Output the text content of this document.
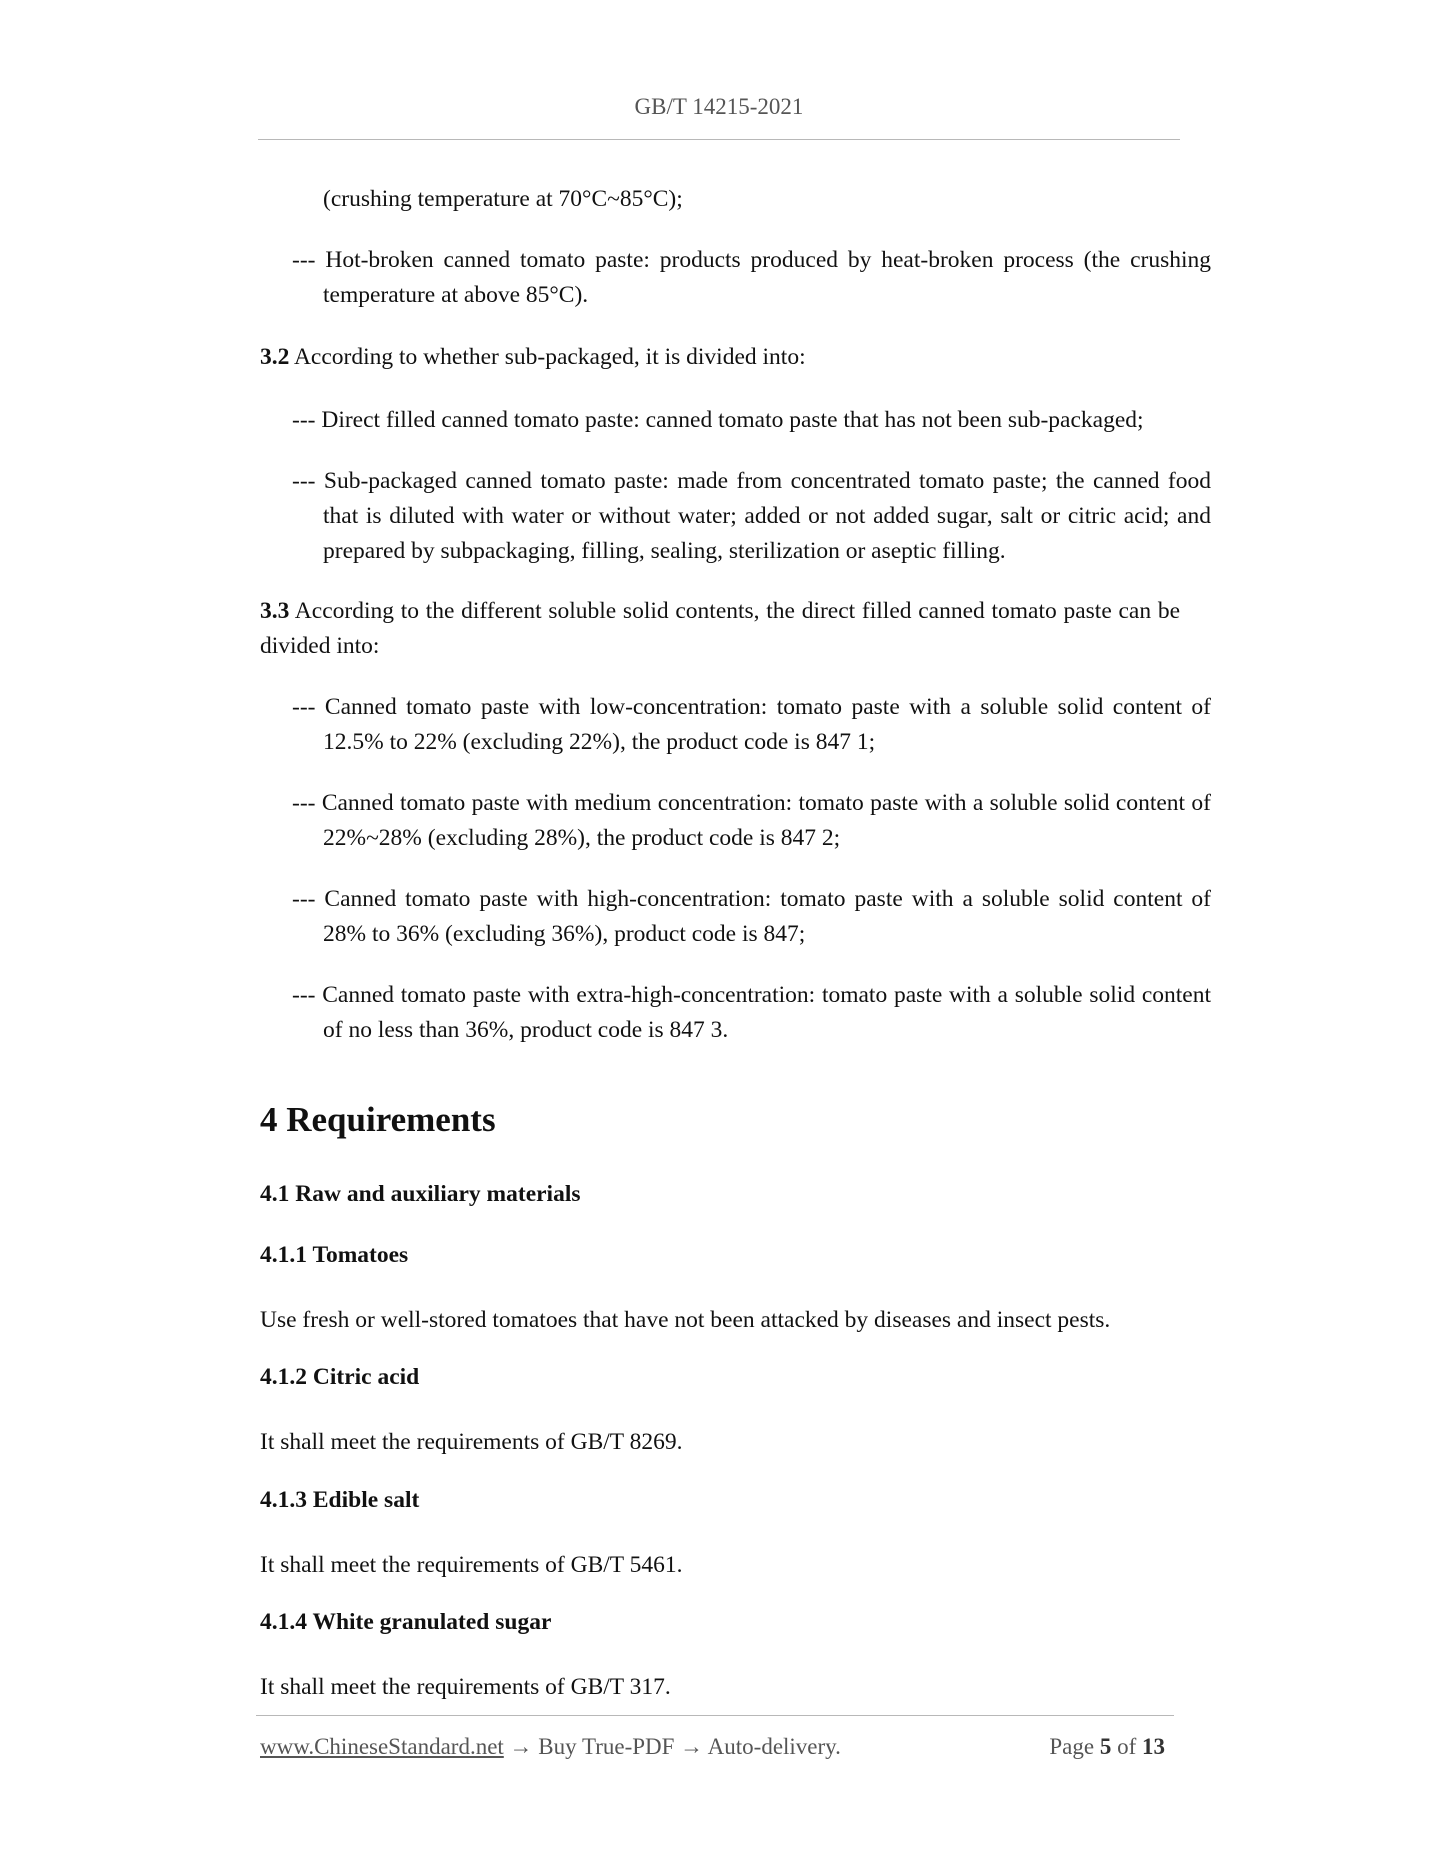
GB/T 14215-2021
(crushing temperature at 70°C~85°C);
--- Hot-broken canned tomato paste: products produced by heat-broken process (the crushing temperature at above 85°C).
3.2 According to whether sub-packaged, it is divided into:
--- Direct filled canned tomato paste: canned tomato paste that has not been sub-packaged;
--- Sub-packaged canned tomato paste: made from concentrated tomato paste; the canned food that is diluted with water or without water; added or not added sugar, salt or citric acid; and prepared by subpackaging, filling, sealing, sterilization or aseptic filling.
3.3 According to the different soluble solid contents, the direct filled canned tomato paste can be divided into:
--- Canned tomato paste with low-concentration: tomato paste with a soluble solid content of 12.5% to 22% (excluding 22%), the product code is 847 1;
--- Canned tomato paste with medium concentration: tomato paste with a soluble solid content of 22%~28% (excluding 28%), the product code is 847 2;
--- Canned tomato paste with high-concentration: tomato paste with a soluble solid content of 28% to 36% (excluding 36%), product code is 847;
--- Canned tomato paste with extra-high-concentration: tomato paste with a soluble solid content of no less than 36%, product code is 847 3.
4 Requirements
4.1 Raw and auxiliary materials
4.1.1 Tomatoes
Use fresh or well-stored tomatoes that have not been attacked by diseases and insect pests.
4.1.2 Citric acid
It shall meet the requirements of GB/T 8269.
4.1.3 Edible salt
It shall meet the requirements of GB/T 5461.
4.1.4 White granulated sugar
It shall meet the requirements of GB/T 317.
www.ChineseStandard.net → Buy True-PDF → Auto-delivery.	Page 5 of 13
